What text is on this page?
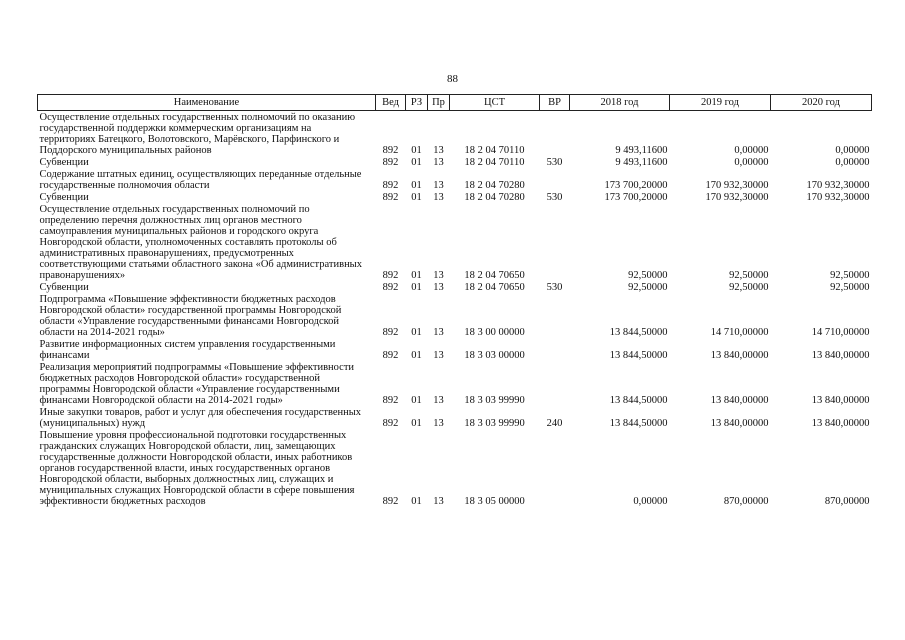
88
Наименование	Вед	РЗ	Пр	ЦСТ	ВР	2018 год	2019 год	2020 год
Осуществление отдельных государственных полномочий по оказанию государственной поддержки коммерческим организациям на территориях Батецкого, Волотовского, Марёвского, Парфинского и Поддорского муниципальных районов	892	01	13	18 2 04 70110		9 493,11600	0,00000	0,00000
Субвенции	892	01	13	18 2 04 70110	530	9 493,11600	0,00000	0,00000
Содержание штатных единиц, осуществляющих переданные отдельные государственные полномочия области	892	01	13	18 2 04 70280		173 700,20000	170 932,30000	170 932,30000
Субвенции	892	01	13	18 2 04 70280	530	173 700,20000	170 932,30000	170 932,30000
Осуществление отдельных государственных полномочий по определению перечня должностных лиц органов местного самоуправления муниципальных районов и городского округа Новгородской области, уполномоченных составлять протоколы об административных правонарушениях, предусмотренных соответствующими статьями областного закона «Об административных правонарушениях»	892	01	13	18 2 04 70650		92,50000	92,50000	92,50000
Субвенции	892	01	13	18 2 04 70650	530	92,50000	92,50000	92,50000
Подпрограмма «Повышение эффективности бюджетных расходов Новгородской области» государственной программы Новгородской области «Управление государственными финансами Новгородской области на 2014-2021 годы»	892	01	13	18 3 00 00000		13 844,50000	14 710,00000	14 710,00000
Развитие информационных систем управления государственными финансами	892	01	13	18 3 03 00000		13 844,50000	13 840,00000	13 840,00000
Реализация мероприятий подпрограммы «Повышение эффективности бюджетных расходов Новгородской области» государственной программы Новгородской области «Управление государственными финансами Новгородской области на 2014-2021 годы»	892	01	13	18 3 03 99990		13 844,50000	13 840,00000	13 840,00000
Иные закупки товаров, работ и услуг для обеспечения государственных (муниципальных) нужд	892	01	13	18 3 03 99990	240	13 844,50000	13 840,00000	13 840,00000
Повышение уровня профессиональной подготовки государственных гражданских служащих Новгородской области, лиц, замещающих государственные должности Новгородской области, иных работников органов государственной власти, иных государственных органов Новгородской области, выборных должностных лиц, служащих и муниципальных служащих Новгородской области в сфере повышения эффективности бюджетных расходов	892	01	13	18 3 05 00000		0,00000	870,00000	870,00000
